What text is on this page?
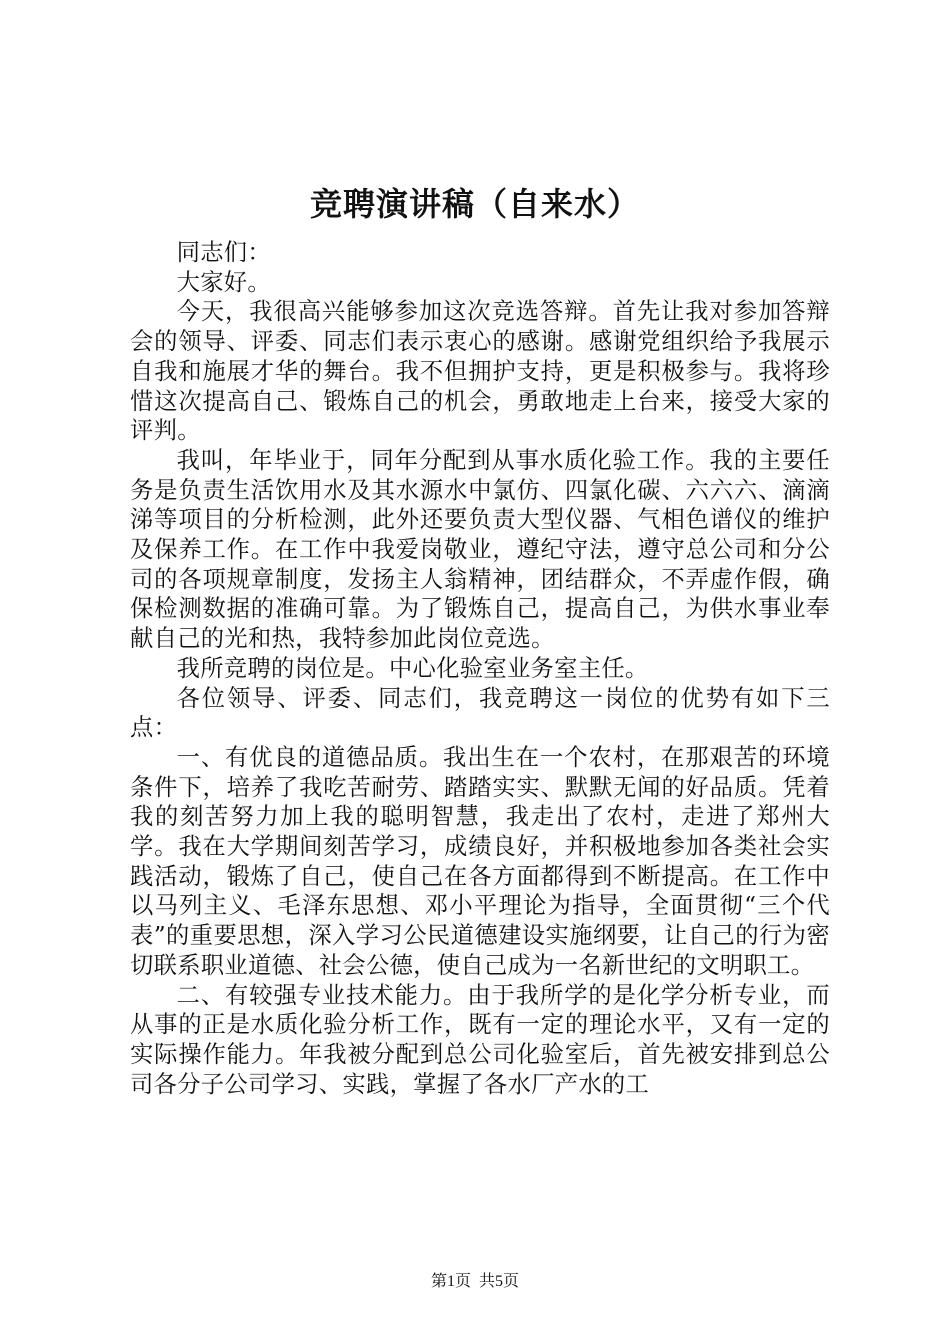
竞聘演讲稿（自来水）

同志们：

大家好。

今天，我很高兴能够参加这次竞选答辩。首先让我对参加答辩会的领导、评委、同志们表示衷心的感谢。感谢党组织给予我展示自我和施展才华的舞台。我不但拥护支持，更是积极参与。我将珍惜这次提高自己、锻炼自己的机会，勇敢地走上台来，接受大家的评判。

我叫，年毕业于，同年分配到从事水质化验工作。我的主要任务是负责生活饮用水及其水源水中氯仿、四氯化碳、六六六、滴滴涕等项目的分析检测，此外还要负责大型仪器、气相色谱仪的维护及保养工作。在工作中我爱岗敬业，遵纪守法，遵守总公司和分公司的各项规章制度，发扬主人翁精神，团结群众，不弄虚作假，确保检测数据的准确可靠。为了锻炼自己，提高自己，为供水事业奉献自己的光和热，我特参加此岗位竞选。

我所竞聘的岗位是。中心化验室业务室主任。

各位领导、评委、同志们，我竞聘这一岗位的优势有如下三点：

一、有优良的道德品质。我出生在一个农村，在那艰苦的环境条件下，培养了我吃苦耐劳、踏踏实实、默默无闻的好品质。凭着我的刻苦努力加上我的聪明智慧，我走出了农村，走进了郑州大学。我在大学期间刻苦学习，成绩良好，并积极地参加各类社会实践活动，锻炼了自己，使自己在各方面都得到不断提高。在工作中以马列主义、毛泽东思想、邓小平理论为指导，全面贯彻“三个代表”的重要思想，深入学习公民道德建设实施纲要，让自己的行为密切联系职业道德、社会公德，使自己成为一名新世纪的文明职工。

二、有较强专业技术能力。由于我所学的是化学分析专业，而从事的正是水质化验分析工作，既有一定的理论水平，又有一定的实际操作能力。年我被分配到总公司化验室后，首先被安排到总公司各分子公司学习、实践，掌握了各水厂产水的工

第1页 共5页
